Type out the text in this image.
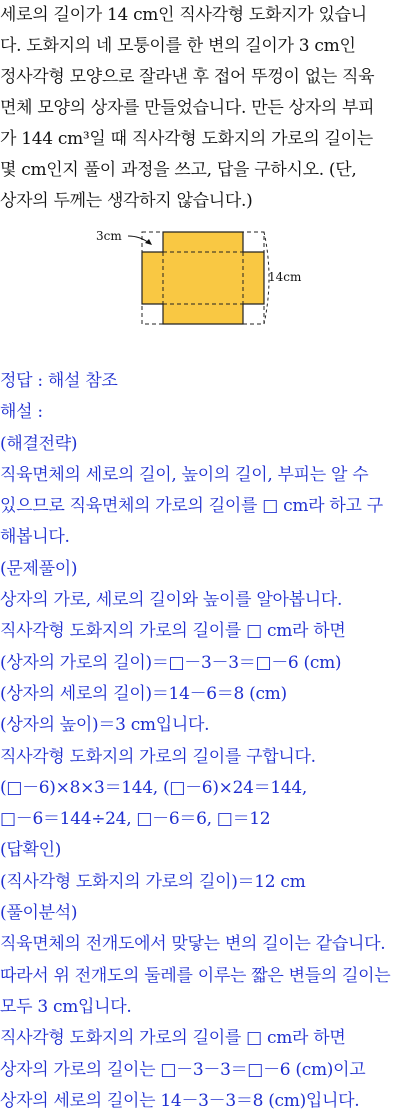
세로의 길이가 14 cm인 직사각형 도화지가 있습니
다. 도화지의 네 모퉁이를 한 변의 길이가 3 cm인
정사각형 모양으로 잘라낸 후 접어 뚜껑이 없는 직육
면체 모양의 상자를 만들었습니다. 만든 상자의 부피
가 144 cm³일 때 직사각형 도화지의 가로의 길이는
몇 cm인지 풀이 과정을 쓰고, 답을 구하시오. (단,
상자의 두께는 생각하지 않습니다.)
3cm
14cm
정답 : 해설 참조
해설 :
(해결전략)
직육면체의 세로의 길이, 높이의 길이, 부피는 알 수
있으므로 직육면체의 가로의 길이를 □ cm라 하고 구
해봅니다.
(문제풀이)
상자의 가로, 세로의 길이와 높이를 알아봅니다.
직사각형 도화지의 가로의 길이를 □ cm라 하면
(상자의 가로의 길이)＝□－3－3＝□－6 (cm)
(상자의 세로의 길이)＝14－6＝8 (cm)
(상자의 높이)＝3 cm입니다.
직사각형 도화지의 가로의 길이를 구합니다.
(□－6)×8×3＝144, (□－6)×24＝144,
□－6＝144÷24, □－6＝6, □＝12
(답확인)
(직사각형 도화지의 가로의 길이)＝12 cm
(풀이분석)
직육면체의 전개도에서 맞닿는 변의 길이는 같습니다.
따라서 위 전개도의 둘레를 이루는 짧은 변들의 길이는
모두 3 cm입니다.
직사각형 도화지의 가로의 길이를 □ cm라 하면
상자의 가로의 길이는 □－3－3＝□－6 (cm)이고
상자의 세로의 길이는 14－3－3＝8 (cm)입니다.
